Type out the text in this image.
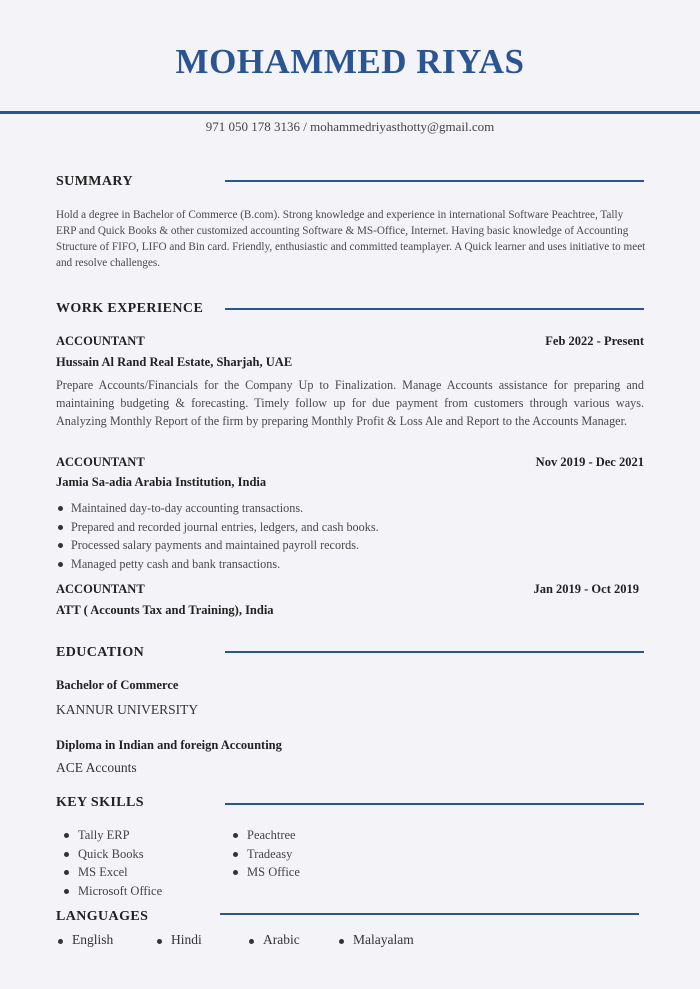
MOHAMMED RIYAS
971 050 178 3136 / mohammedriyasthotty@gmail.com
SUMMARY
Hold a degree in Bachelor of Commerce (B.com). Strong knowledge and experience in international Software Peachtree, Tally ERP and Quick Books & other customized accounting Software & MS-Office, Internet. Having basic knowledge of Accounting Structure of FIFO, LIFO and Bin card. Friendly, enthusiastic and committed teamplayer. A Quick learner and uses initiative to meet and resolve challenges.
WORK EXPERIENCE
ACCOUNTANT	Feb 2022 - Present
Hussain Al Rand Real Estate, Sharjah, UAE
Prepare Accounts/Financials for the Company Up to Finalization. Manage Accounts assistance for preparing and maintaining budgeting & forecasting. Timely follow up for due payment from customers through various ways. Analyzing Monthly Report of the firm by preparing Monthly Profit & Loss Ale and Report to the Accounts Manager.
ACCOUNTANT	Nov 2019 - Dec 2021
Jamia Sa-adia Arabia Institution, India
Maintained day-to-day accounting transactions.
Prepared and recorded journal entries, ledgers, and cash books.
Processed salary payments and maintained payroll records.
Managed petty cash and bank transactions.
ACCOUNTANT	Jan 2019 - Oct 2019
ATT ( Accounts Tax and Training), India
EDUCATION
Bachelor of Commerce
KANNUR UNIVERSITY
Diploma in Indian and foreign Accounting
ACE Accounts
KEY SKILLS
Tally ERP
Quick Books
MS Excel
Microsoft Office
Peachtree
Tradeasy
MS Office
LANGUAGES
English	Hindi	Arabic	Malayalam
